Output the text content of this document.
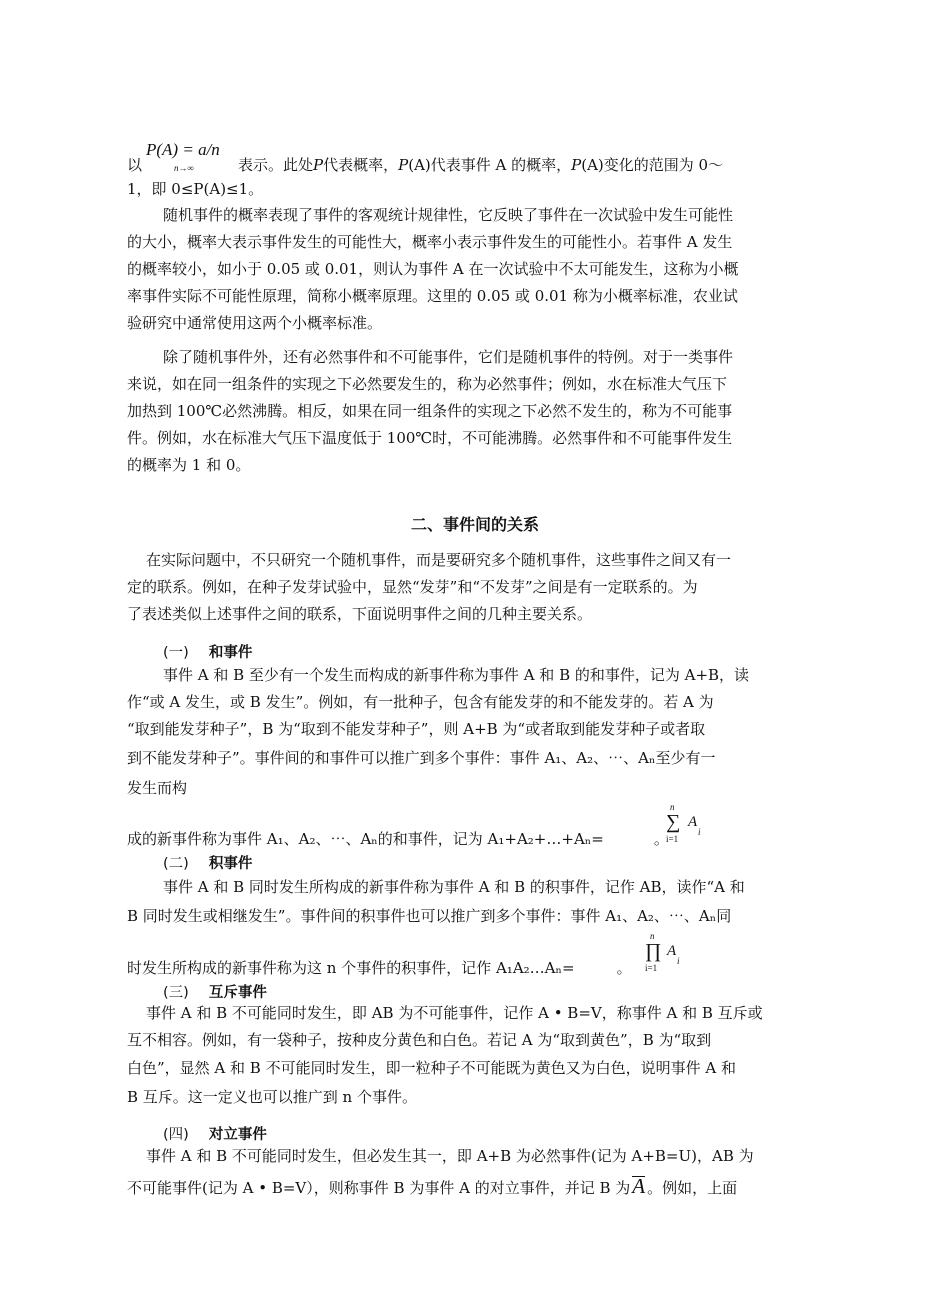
P(A) = a/n
n→∞
以	表示。此处P代表概率，P(A)代表事件 A 的概率，P(A)变化的范围为 0～
1，即 0≤P(A)≤1。
随机事件的概率表现了事件的客观统计规律性，它反映了事件在一次试验中发生可能性
的大小，概率大表示事件发生的可能性大，概率小表示事件发生的可能性小。若事件 A 发生
的概率较小，如小于 0.05 或 0.01，则认为事件 A 在一次试验中不太可能发生，这称为小概
率事件实际不可能性原理，简称小概率原理。这里的 0.05 或 0.01 称为小概率标准，农业试
验研究中通常使用这两个小概率标准。
除了随机事件外，还有必然事件和不可能事件，它们是随机事件的特例。对于一类事件
来说，如在同一组条件的实现之下必然要发生的，称为必然事件；例如，水在标准大气压下
加热到 100℃必然沸腾。相反，如果在同一组条件的实现之下必然不发生的，称为不可能事
件。例如，水在标准大气压下温度低于 100℃时，不可能沸腾。必然事件和不可能事件发生
的概率为 1 和 0。
二、事件间的关系
在实际问题中，不只研究一个随机事件，而是要研究多个随机事件，这些事件之间又有一
定的联系。例如，在种子发芽试验中，显然“发芽”和“不发芽”之间是有一定联系的。为
了表述类似上述事件之间的联系，下面说明事件之间的几种主要关系。
(一) 和事件
事件 A 和 B 至少有一个发生而构成的新事件称为事件 A 和 B 的和事件，记为 A+B，读
作“或 A 发生，或 B 发生”。例如，有一批种子，包含有能发芽的和不能发芽的。若 A 为
“取到能发芽种子”，B 为“取到不能发芽种子”，则 A+B 为“或者取到能发芽种子或者取
到不能发芽种子”。事件间的和事件可以推广到多个事件：事件 A₁、A₂、⋯、Aₙ至少有一
发生而构
成的新事件称为事件 A₁、A₂、⋯、Aₙ的和事件，记为 A₁+A₂+…+Aₙ=	。
n
∑
i=1
A
i
(二) 积事件
事件 A 和 B 同时发生所构成的新事件称为事件 A 和 B 的积事件，记作 AB，读作“A 和
B 同时发生或相继发生”。事件间的积事件也可以推广到多个事件：事件 A₁、A₂、⋯、Aₙ同
时发生所构成的新事件称为这 n 个事件的积事件，记作 A₁A₂…Aₙ=	。
n
∏
i=1
A
i
(三) 互斥事件
事件 A 和 B 不可能同时发生，即 AB 为不可能事件，记作 A • B=V，称事件 A 和 B 互斥或
互不相容。例如，有一袋种子，按种皮分黄色和白色。若记 A 为“取到黄色”，B 为“取到
白色”，显然 A 和 B 不可能同时发生，即一粒种子不可能既为黄色又为白色，说明事件 A 和
B 互斥。这一定义也可以推广到 n 个事件。
(四) 对立事件
事件 A 和 B 不可能同时发生，但必发生其一，即 A+B 为必然事件(记为 A+B=U)，AB 为
不可能事件(记为 A • B=V），则称事件 B 为事件 A 的对立事件，并记 B 为A 。例如，上面
